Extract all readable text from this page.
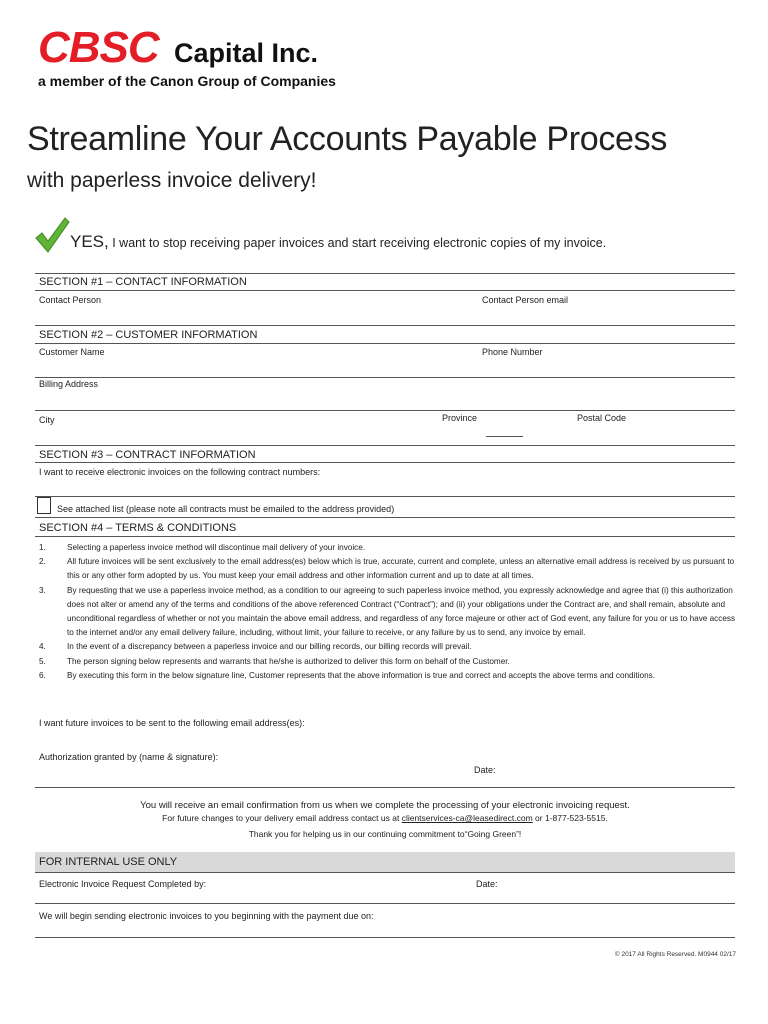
CBSC Capital Inc.
a member of the Canon Group of Companies
Streamline Your Accounts Payable Process
with paperless invoice delivery!
YES, I want to stop receiving paper invoices and start receiving electronic copies of my invoice.
SECTION #1 – CONTACT INFORMATION
Contact Person	Contact Person email
SECTION #2 – CUSTOMER INFORMATION
Customer Name	Phone Number
Billing Address
City	Province	Postal Code
SECTION #3 – CONTRACT INFORMATION
I want to receive electronic invoices on the following contract numbers:
See attached list (please note all contracts must be emailed to the address provided)
SECTION #4 – TERMS & CONDITIONS
1.	Selecting a paperless invoice method will discontinue mail delivery of your invoice.
2.	All future invoices will be sent exclusively to the email address(es) below which is true, accurate, current and complete, unless an alternative email address is received by us pursuant to this or any other form adopted by us. You must keep your email address and other information current and up to date at all times.
3.	By requesting that we use a paperless invoice method, as a condition to our agreeing to such paperless invoice method, you expressly acknowledge and agree that (i) this authorization does not alter or amend any of the terms and conditions of the above referenced Contract (“Contract”); and (ii) your obligations under the Contract are, and shall remain, absolute and unconditional regardless of whether or not you maintain the above email address, and regardless of any force majeure or other act of God event, any failure for you or us to have access to the internet and/or any email delivery failure, including, without limit, your failure to receive, or any failure by us to send, any invoice by email.
4.	In the event of a discrepancy between a paperless invoice and our billing records, our billing records will prevail.
5.	The person signing below represents and warrants that he/she is authorized to deliver this form on behalf of the Customer.
6.	By executing this form in the below signature line, Customer represents that the above information is true and correct and accepts the above terms and conditions.
I want future invoices to be sent to the following email address(es):
Authorization granted by (name & signature):
Date:
You will receive an email confirmation from us when we complete the processing of your electronic invoicing request.
For future changes to your delivery email address contact us at clientservices-ca@leasedirect.com or 1-877-523-5515.
Thank you for helping us in our continuing commitment to“Going Green”!
FOR INTERNAL USE ONLY
Electronic Invoice Request Completed by:	Date:
We will begin sending electronic invoices to you beginning with the payment due on:
© 2017 All Rights Reserved. M0944 02/17
